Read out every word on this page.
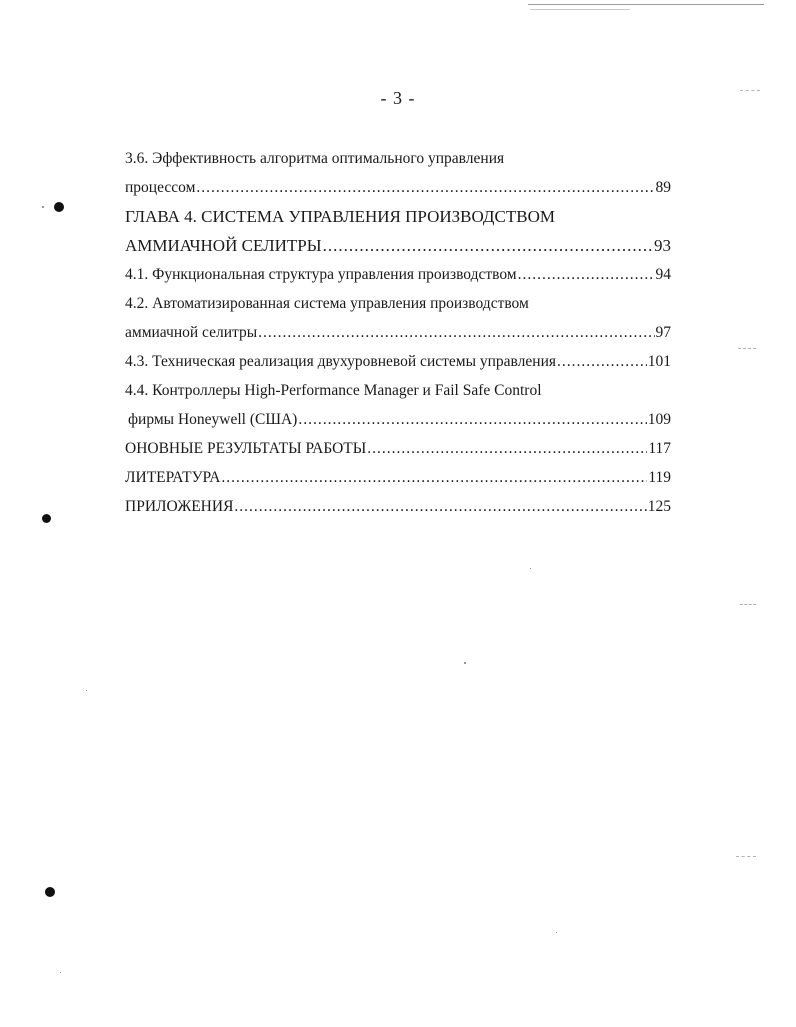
- 3 -
3.6. Эффективность алгоритма оптимального управления
процессом .....	89
ГЛАВА 4. СИСТЕМА УПРАВЛЕНИЯ ПРОИЗВОДСТВОМ
АММИАЧНОЙ СЕЛИТРЫ .....	93
4.1. Функциональная структура управления производством .....	94
4.2. Автоматизированная система управления производством
аммиачной селитры .....	97
4.3. Техническая реализация двухуровневой системы управления .....	101
4.4. Контроллеры High-Performance Manager и Fail Safe Control
фирмы Honeywell (США) .....	109
ОНОВНЫЕ РЕЗУЛЬТАТЫ РАБОТЫ .....	117
ЛИТЕРАТУРА .....	119
ПРИЛОЖЕНИЯ .....	125
